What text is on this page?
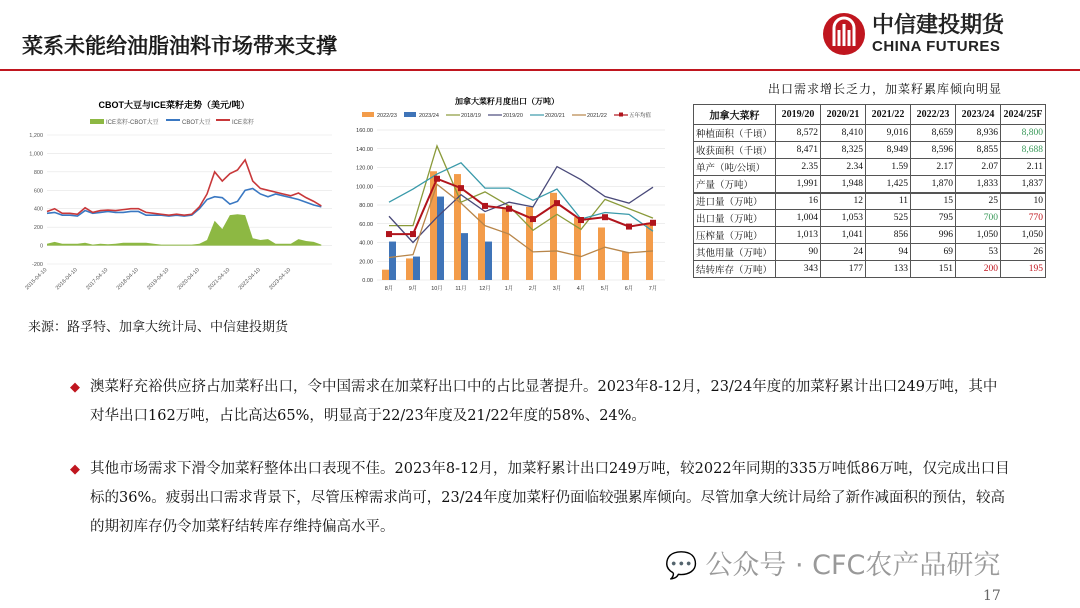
菜系未能给油脂油料市场带来支撑
中信建投期货
CHINA FUTURES
CBOT大豆与ICE菜籽走势（美元/吨）
ICE菜籽-CBOT大豆	CBOT大豆	ICE菜籽
-200
0
200
400
600
800
1,000
1,200
2015-04-10 2016-04-10 2017-04-10 2018-04-10 2019-04-10 2020-04-10 2021-04-10 2022-04-10 2023-04-10
加拿大菜籽月度出口（万吨）
2022/23	2023/24	2018/19	2019/20	2020/21	2021/22	五年均值
0.00
20.00
40.00
60.00
80.00
100.00
120.00
140.00
160.00
8月	9月	10月 11月 12月	1月	2月	3月	4月	5月	6月	7月
出口需求增长乏力，加菜籽累库倾向明显
加拿大菜籽	2019/20	2020/21	2021/22	2022/23	2023/24	2024/25F
种植面积（千頃）	8,572	8,410	9,016	8,659	8,936	8,800
收获面积（千頃）	8,471	8,325	8,949	8,596	8,855	8,688
单产（吨/公顷）	2.35	2.34	1.59	2.17	2.07	2.11
产量（万吨）	1,991	1,948	1,425	1,870	1,833	1,837
进口量（万吨）	16	12	11	15	25	10
出口量（万吨）	1,004	1,053	525	795	700	770
压榨量（万吨）	1,013	1,041	856	996	1,050	1,050
其他用量（万吨）	90	24	94	69	53	26
结转库存（万吨）	343	177	133	151	200	195
来源：路孚特、加拿大统计局、中信建投期货
◆ 澳菜籽充裕供应挤占加菜籽出口，令中国需求在加菜籽出口中的占比显著提升。2023年8-12月，23/24年度的加菜籽累计出口249万吨，其中对华出口162万吨，占比高达65%，明显高于22/23年度及21/22年度的58%、24%。
◆ 其他市场需求下滑令加菜籽整体出口表现不佳。2023年8-12月，加菜籽累计出口249万吨，较2022年同期的335万吨低86万吨，仅完成出口目标的36%。疲弱出口需求背景下，尽管压榨需求尚可，23/24年度加菜籽仍面临较强累库倾向。尽管加拿大统计局给了新作减面积的预估，较高的期初库存仍令加菜籽结转库存维持偏高水平。
💬 公众号 · CFC农产品研究
17
